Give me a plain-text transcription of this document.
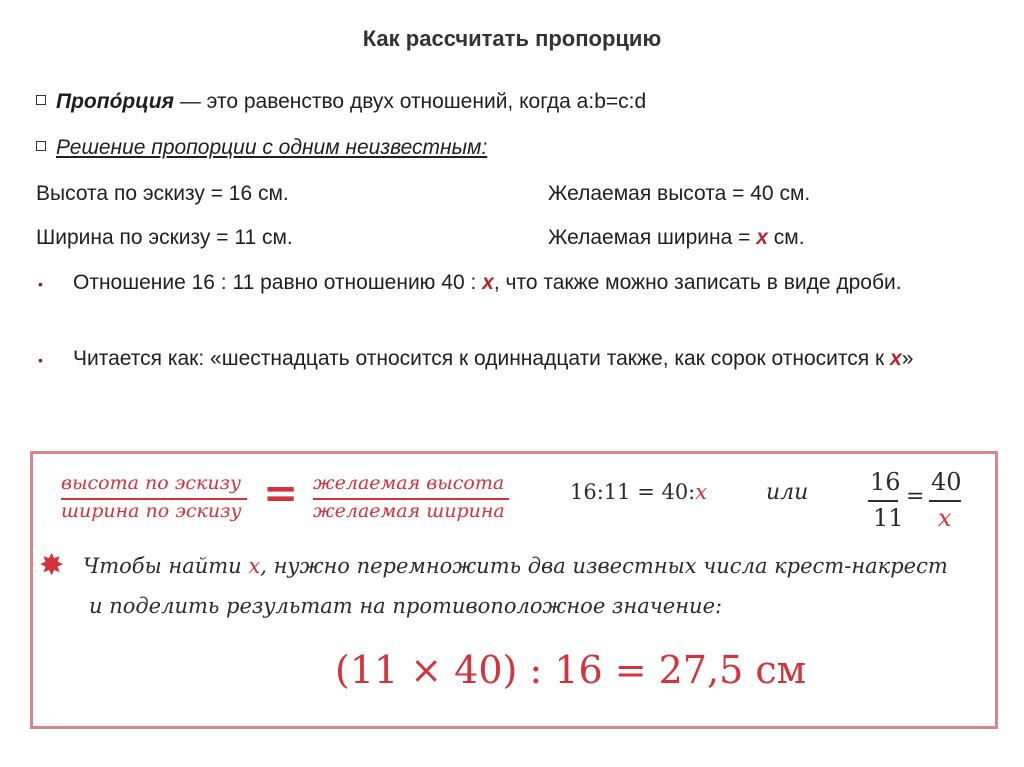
Как рассчитать пропорцию
Пропо́рция — это равенство двух отношений, когда a:b=c:d
Решение пропорции с одним неизвестным:
Высота по эскизу = 16 см.	Желаемая высота = 40 см.
Ширина по эскизу = 11 см.	Желаемая ширина = x см.
• Отношение 16 : 11 равно отношению 40 : x, что также можно записать в виде дроби.
• Читается как: «шестнадцать относится к одиннадцати также, как сорок относится к x»
высота по эскизу
ширина по эскизу = желаемая высота
желаемая ширина
16:11 = 40:x	или	16
11
=
40
x
✸ Чтобы найти х, нужно перемножить два известных числа крест-накрест
и поделить результат на противоположное значение:
(11 × 40) : 16 = 27,5 см
